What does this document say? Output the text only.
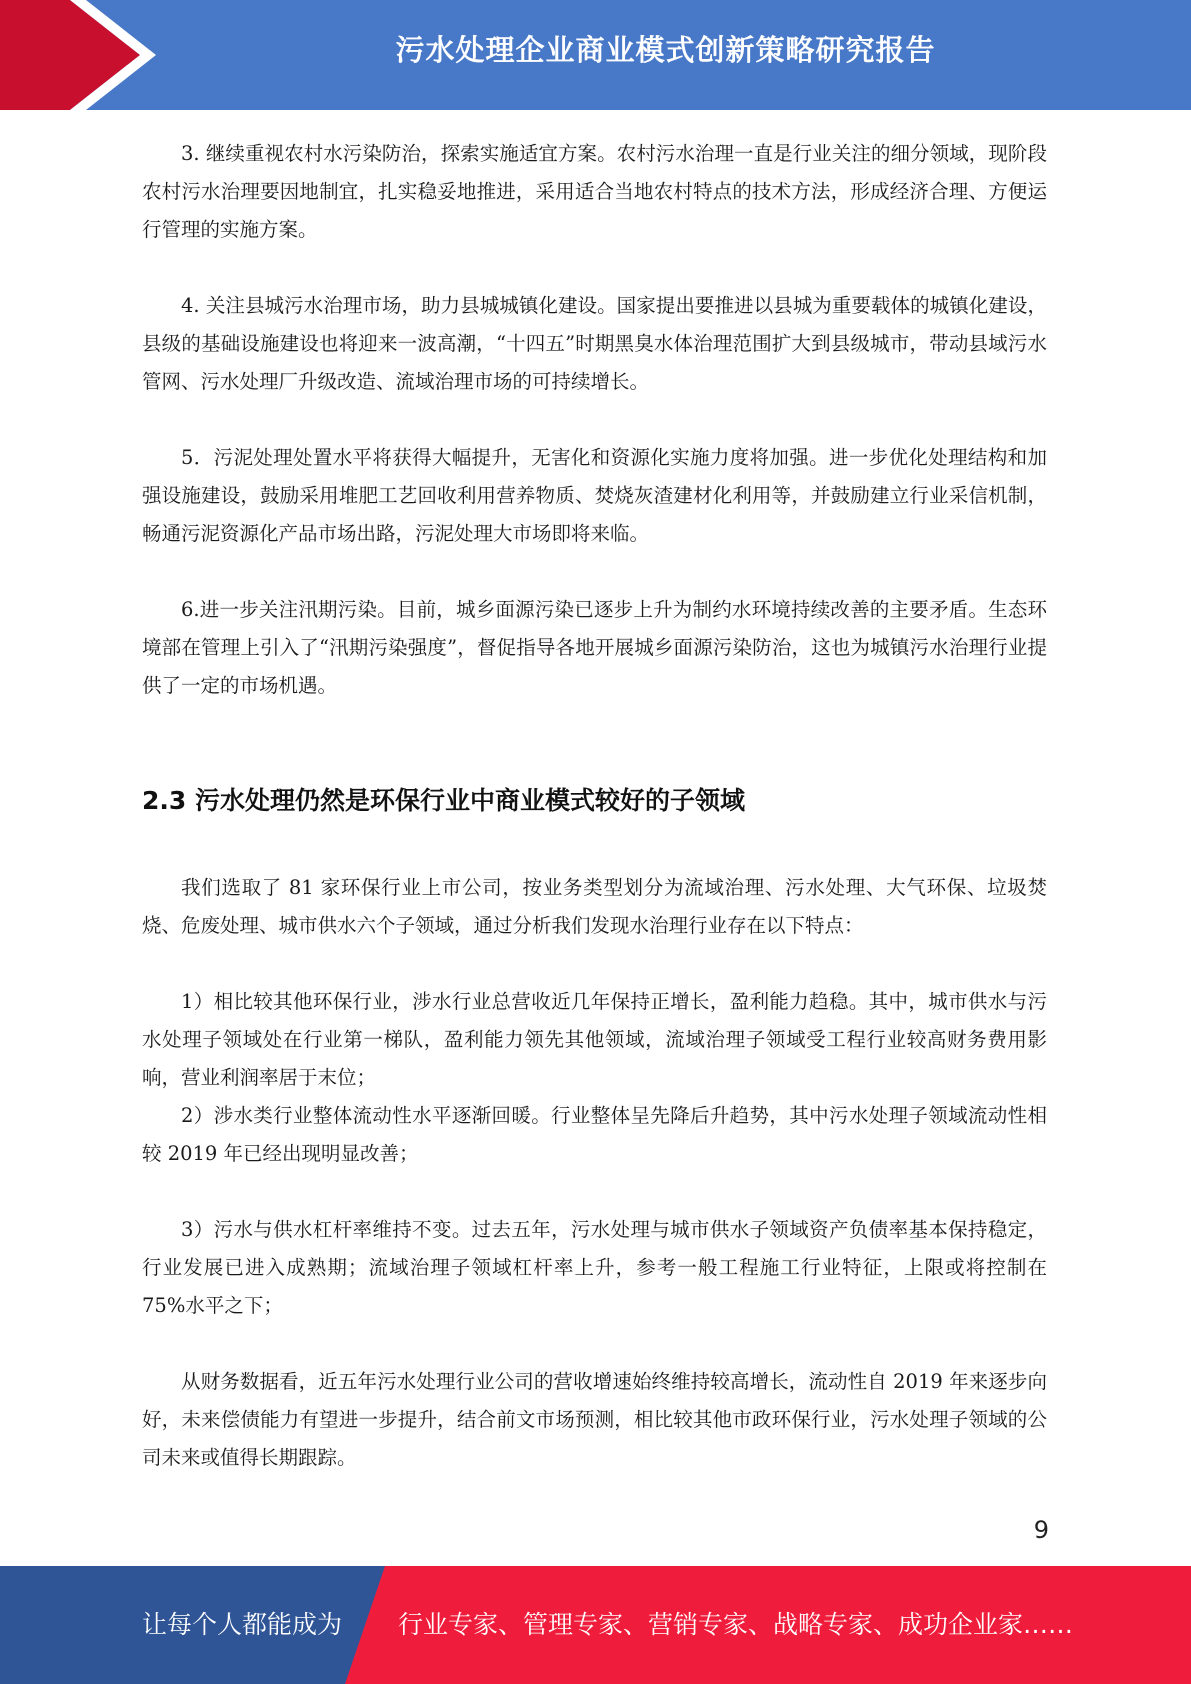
污水处理企业商业模式创新策略研究报告

3. 继续重视农村水污染防治，探索实施适宜方案。农村污水治理一直是行业关注的细分领域，现阶段农村污水治理要因地制宜，扎实稳妥地推进，采用适合当地农村特点的技术方法，形成经济合理、方便运行管理的实施方案。

4. 关注县城污水治理市场，助力县城城镇化建设。国家提出要推进以县城为重要载体的城镇化建设，县级的基础设施建设也将迎来一波高潮，“十四五”时期黑臭水体治理范围扩大到县级城市，带动县域污水管网、污水处理厂升级改造、流域治理市场的可持续增长。

5．污泥处理处置水平将获得大幅提升，无害化和资源化实施力度将加强。进一步优化处理结构和加强设施建设，鼓励采用堆肥工艺回收利用营养物质、焚烧灰渣建材化利用等，并鼓励建立行业采信机制，畅通污泥资源化产品市场出路，污泥处理大市场即将来临。

6.进一步关注汛期污染。目前，城乡面源污染已逐步上升为制约水环境持续改善的主要矛盾。生态环境部在管理上引入了“汛期污染强度”，督促指导各地开展城乡面源污染防治，这也为城镇污水治理行业提供了一定的市场机遇。

2.3 污水处理仍然是环保行业中商业模式较好的子领域

我们选取了 81 家环保行业上市公司，按业务类型划分为流域治理、污水处理、大气环保、垃圾焚烧、危废处理、城市供水六个子领域，通过分析我们发现水治理行业存在以下特点：

1）相比较其他环保行业，涉水行业总营收近几年保持正增长，盈利能力趋稳。其中，城市供水与污水处理子领域处在行业第一梯队，盈利能力领先其他领域，流域治理子领域受工程行业较高财务费用影响，营业利润率居于末位；

2）涉水类行业整体流动性水平逐渐回暖。行业整体呈先降后升趋势，其中污水处理子领域流动性相较 2019 年已经出现明显改善；

3）污水与供水杠杆率维持不变。过去五年，污水处理与城市供水子领域资产负债率基本保持稳定，行业发展已进入成熟期；流域治理子领域杠杆率上升，参考一般工程施工行业特征，上限或将控制在 75%水平之下；

从财务数据看，近五年污水处理行业公司的营收增速始终维持较高增长，流动性自 2019 年来逐步向好，未来偿债能力有望进一步提升，结合前文市场预测，相比较其他市政环保行业，污水处理子领域的公司未来或值得长期跟踪。

9
让每个人都能成为 行业专家、管理专家、营销专家、战略专家、成功企业家……
